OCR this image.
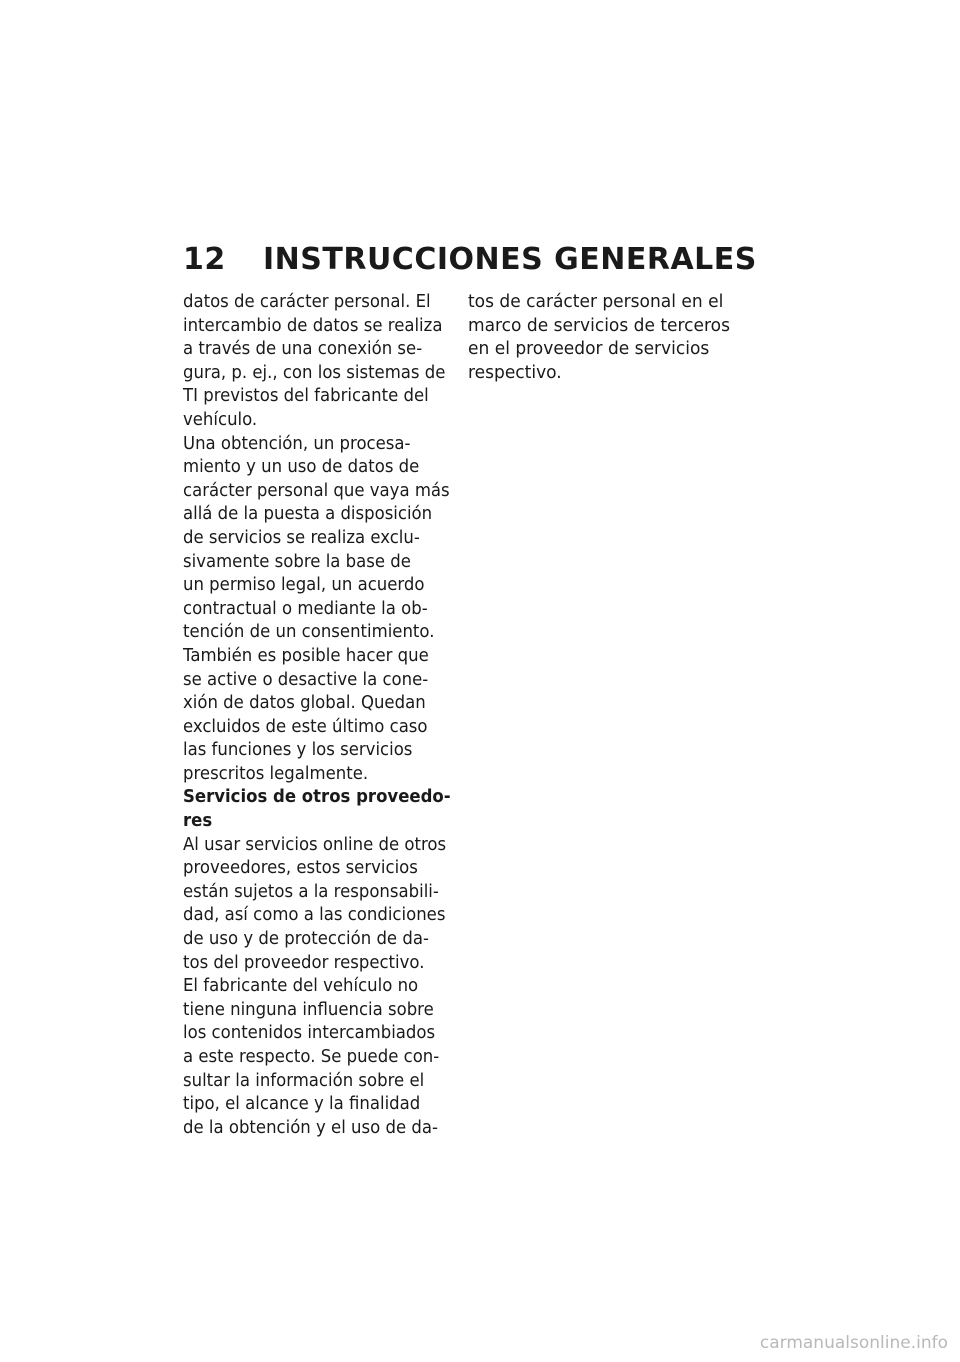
12 INSTRUCCIONES GENERALES
datos de carácter personal. El
intercambio de datos se realiza
a través de una conexión se-
gura, p. ej., con los sistemas de
TI previstos del fabricante del
vehículo.
Una obtención, un procesa-
miento y un uso de datos de
carácter personal que vaya más
allá de la puesta a disposición
de servicios se realiza exclu-
sivamente sobre la base de
un permiso legal, un acuerdo
contractual o mediante la ob-
tención de un consentimiento.
También es posible hacer que
se active o desactive la cone-
xión de datos global. Quedan
excluidos de este último caso
las funciones y los servicios
prescritos legalmente.
Servicios de otros proveedo-
res
Al usar servicios online de otros
proveedores, estos servicios
están sujetos a la responsabili-
dad, así como a las condiciones
de uso y de protección de da-
tos del proveedor respectivo.
El fabricante del vehículo no
tiene ninguna influencia sobre
los contenidos intercambiados
a este respecto. Se puede con-
sultar la información sobre el
tipo, el alcance y la finalidad
de la obtención y el uso de da-
tos de carácter personal en el
marco de servicios de terceros
en el proveedor de servicios
respectivo.
carmanualsonline.info
